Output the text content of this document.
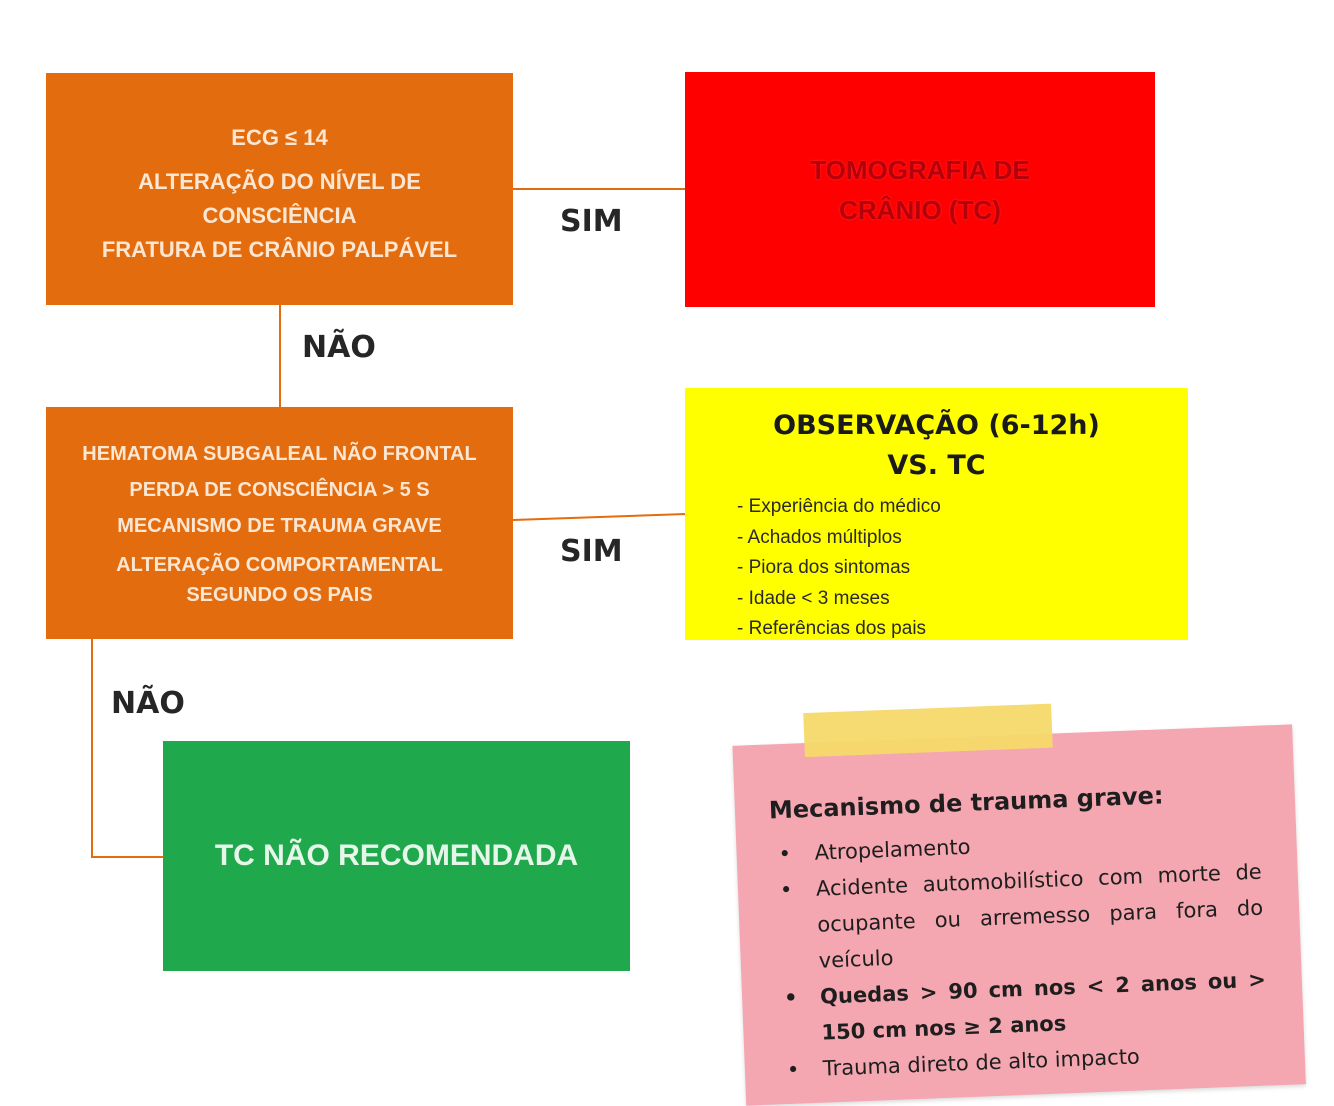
SIM
NÃO
SIM
NÃO
ECG ≤ 14
ALTERAÇÃO DO NÍVEL DE
CONSCIÊNCIA
FRATURA DE CRÂNIO PALPÁVEL
TOMOGRAFIA DE
CRÂNIO (TC)
HEMATOMA SUBGALEAL NÃO FRONTAL
PERDA DE CONSCIÊNCIA > 5 S
MECANISMO DE TRAUMA GRAVE
ALTERAÇÃO COMPORTAMENTAL
SEGUNDO OS PAIS
OBSERVAÇÃO (6-12h)
VS. TC
- Experiência do médico
- Achados múltiplos
- Piora dos sintomas
- Idade < 3 meses
- Referências dos pais
TC NÃO RECOMENDADA
Mecanismo de trauma grave:
• Atropelamento
• Acidente automobilístico com morte de ocupante ou arremesso para fora do veículo
• Quedas > 90 cm nos < 2 anos ou > 150 cm nos ≥ 2 anos
• Trauma direto de alto impacto
